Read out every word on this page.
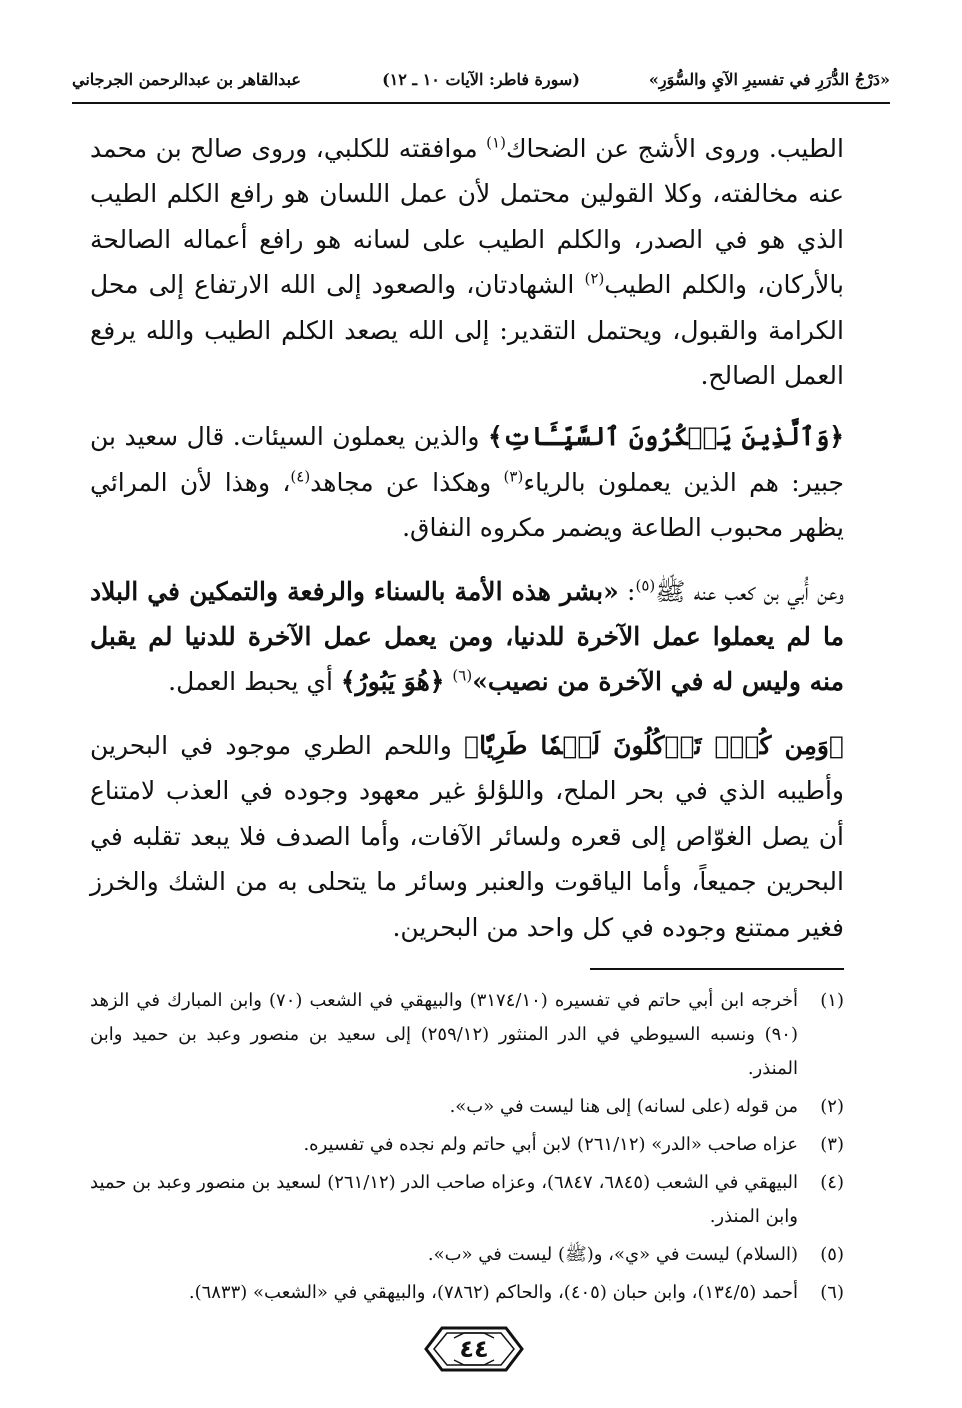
«دَرْجُ الدُّرَرِ في تفسيرِ الآيِ والسُّوَرِ»
(سورة فاطر: الآيات ١٠ ـ ١٢)
عبدالقاهر بن عبدالرحمن الجرجاني

الطيب. وروى الأشج عن الضحاك$^{(١)}$ موافقته للكلبي، وروى صالح بن محمد عنه مخالفته، وكلا القولين محتمل لأن عمل اللسان هو رافع الكلم الطيب الذي هو في الصدر، والكلم الطيب على لسانه هو رافع أعماله الصالحة بالأركان، والكلم الطيب$^{(٢)}$ الشهادتان، والصعود إلى الله الارتفاع إلى محل الكرامة والقبول، ويحتمل التقدير: إلى الله يصعد الكلم الطيب والله يرفع العمل الصالح.

﴿وَٱلَّذِينَ يَمۡكُرُونَ ٱلسَّيِّـَٔاتِ﴾ والذين يعملون السيئات. قال سعيد بن جبير: هم الذين يعملون بالرياء$^{(٣)}$ وهكذا عن مجاهد$^{(٤)}$، وهذا لأن المرائي يظهر محبوب الطاعة ويضمر مكروه النفاق.

وعن أُبي بن كعب عنه ﷺ$^{(٥)}$: «بشر هذه الأمة بالسناء والرفعة والتمكين في البلاد ما لم يعملوا عمل الآخرة للدنيا، ومن يعمل عمل الآخرة للدنيا لم يقبل منه وليس له في الآخرة من نصيب»$^{(٦)}$ ﴿هُوَ يَبُورُ﴾ أي يحبط العمل.

﴿وَمِن كُلّٖ تَأۡكُلُونَ لَحۡمٗا طَرِيّٗا﴾ واللحم الطري موجود في البحرين وأطيبه الذي في بحر الملح، واللؤلؤ غير معهود وجوده في العذب لامتناع أن يصل الغوّاص إلى قعره ولسائر الآفات، وأما الصدف فلا يبعد تقلبه في البحرين جميعاً، وأما الياقوت والعنبر وسائر ما يتحلى به من الشك والخرز فغير ممتنع وجوده في كل واحد من البحرين.

(١)
أخرجه ابن أبي حاتم في تفسيره (٣١٧٤/١٠) والبيهقي في الشعب (٧٠) وابن المبارك في الزهد (٩٠) ونسبه السيوطي في الدر المنثور (٢٥٩/١٢) إلى سعيد بن منصور وعبد بن حميد وابن المنذر.
(٢)
من قوله (على لسانه) إلى هنا ليست في «ب».
(٣)
عزاه صاحب «الدر» (٢٦١/١٢) لابن أبي حاتم ولم نجده في تفسيره.
(٤)
البيهقي في الشعب (٦٨٤٥، ٦٨٤٧)، وعزاه صاحب الدر (٢٦١/١٢) لسعيد بن منصور وعبد بن حميد وابن المنذر.
(٥)
(السلام) ليست في «ي»، و(ﷺ) ليست في «ب».
(٦)
أحمد (١٣٤/٥)، وابن حبان (٤٠٥)، والحاكم (٧٨٦٢)، والبيهقي في «الشعب» (٦٨٣٣).
٤٤
